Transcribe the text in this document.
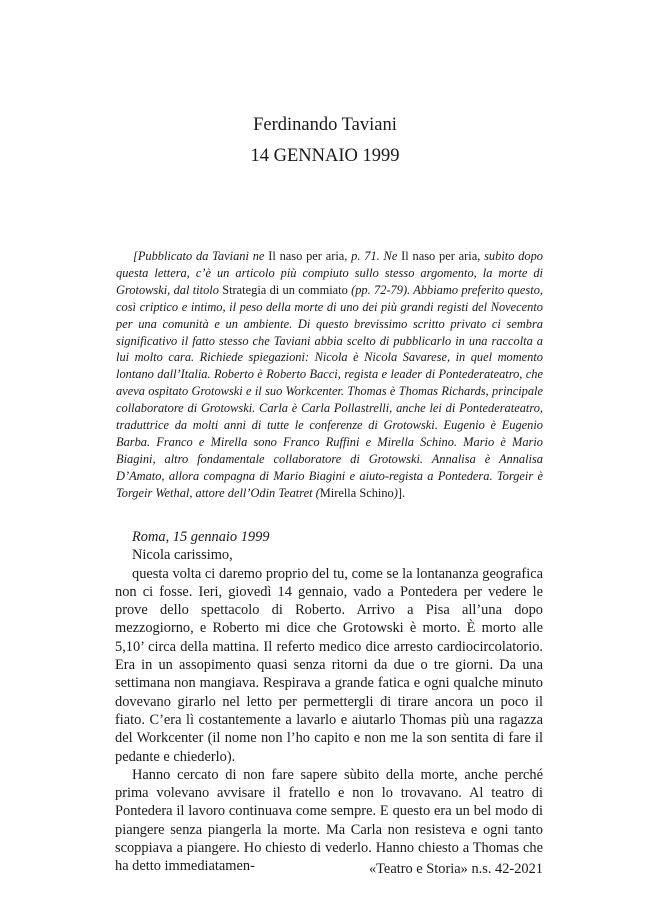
Ferdinando Taviani
14 GENNAIO 1999
[Pubblicato da Taviani ne Il naso per aria, p. 71. Ne Il naso per aria, subito dopo questa lettera, c’è un articolo più compiuto sullo stesso argomento, la morte di Grotowski, dal titolo Strategia di un commiato (pp. 72-79). Abbiamo preferito questo, così criptico e intimo, il peso della morte di uno dei più grandi registi del Novecento per una comunità e un ambiente. Di questo brevissimo scritto privato ci sembra significativo il fatto stesso che Taviani abbia scelto di pubblicarlo in una raccolta a lui molto cara. Richiede spiegazioni: Nicola è Nicola Savarese, in quel momento lontano dall’Italia. Roberto è Roberto Bacci, regista e leader di Pontederateatro, che aveva ospitato Grotowski e il suo Workcenter. Thomas è Thomas Richards, principale collaboratore di Grotowski. Carla è Carla Pollastrelli, anche lei di Pontederateatro, traduttrice da molti anni di tutte le conferenze di Grotowski. Eugenio è Eugenio Barba. Franco e Mirella sono Franco Ruffini e Mirella Schino. Mario è Mario Biagini, altro fondamentale collaboratore di Grotowski. Annalisa è Annalisa D’Amato, allora compagna di Mario Biagini e aiuto-regista a Pontedera. Torgeir è Torgeir Wethal, attore dell’Odin Teatret (Mirella Schino)].

Roma, 15 gennaio 1999

Nicola carissimo,

questa volta ci daremo proprio del tu, come se la lontananza geografica non ci fosse. Ieri, giovedì 14 gennaio, vado a Pontedera per vedere le prove dello spettacolo di Roberto. Arrivo a Pisa all’una dopo mezzogiorno, e Roberto mi dice che Grotowski è morto. È morto alle 5,10’ circa della mattina. Il referto medico dice arresto cardiocircolatorio. Era in un assopimento quasi senza ritorni da due o tre giorni. Da una settimana non mangiava. Respirava a grande fatica e ogni qualche minuto dovevano girarlo nel letto per permettergli di tirare ancora un poco il fiato. C’era lì costantemente a lavarlo e aiutarlo Thomas più una ragazza del Workcenter (il nome non l’ho capito e non me la son sentita di fare il pedante e chiederlo).

Hanno cercato di non fare sapere sùbito della morte, anche perché prima volevano avvisare il fratello e non lo trovavano. Al teatro di Pontedera il lavoro continuava come sempre. E questo era un bel modo di piangere senza piangerla la morte. Ma Carla non resisteva e ogni tanto scoppiava a piangere. Ho chiesto di vederlo. Hanno chiesto a Thomas che ha detto immediatamen-	«Teatro e Storia» n.s. 42-2021
